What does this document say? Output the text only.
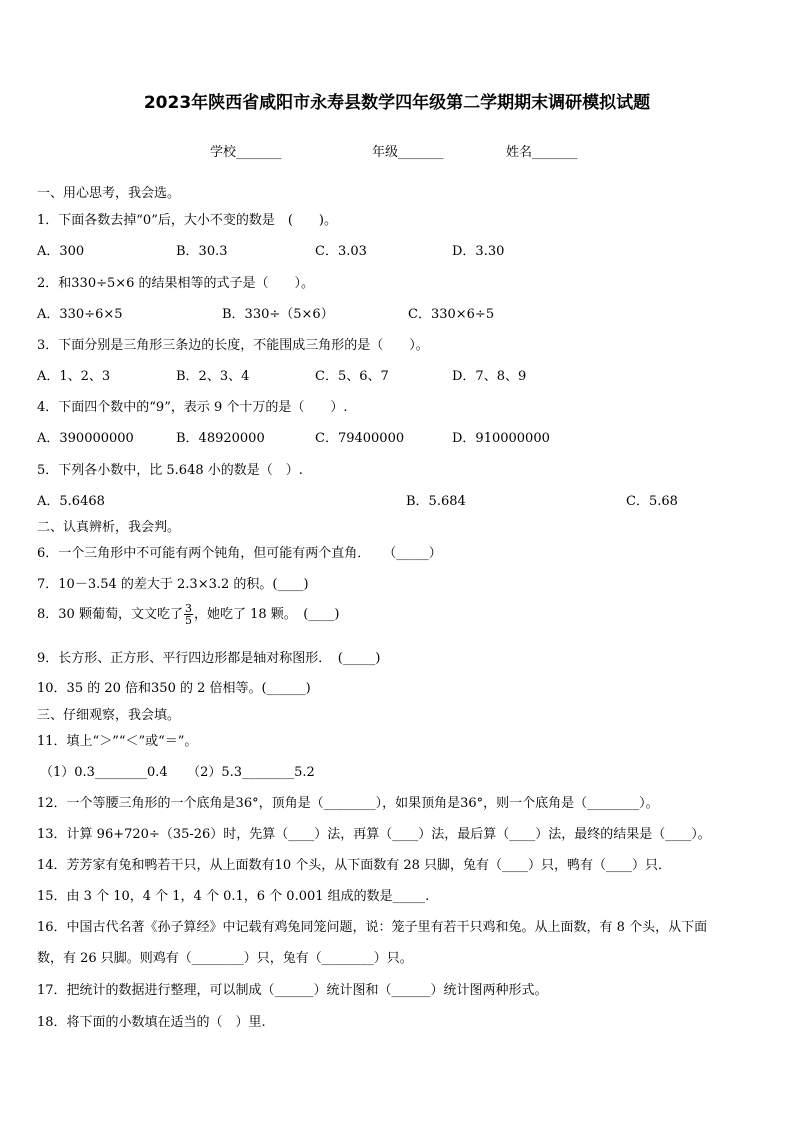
2023年陕西省咸阳市永寿县数学四年级第二学期期末调研模拟试题
学校_______	年级_______	姓名_______
一、用心思考，我会选。
1．下面各数去掉“0”后，大小不变的数是　(　　)。
A．300	B．30.3	C．3.03	D．3.30
2．和330÷5×6 的结果相等的式子是（　　）。
A．330÷6×5	B．330÷（5×6）	C．330×6÷5
3．下面分别是三角形三条边的长度，不能围成三角形的是（　　）。
A．1、2、3	B．2、3、4	C．5、6、7	D．7、8、9
4．下面四个数中的“9”，表示 9 个十万的是（　　）.
A．390000000	B．48920000	C．79400000	D．910000000
5．下列各小数中，比 5.648 小的数是（　）.
A．5.6468	B．5.684	C．5.68
二、认真辨析，我会判。
6．一个三角形中不可能有两个钝角，但可能有两个直角．　　（_____）
7．10－3.54 的差大于 2.3×3.2 的积。(____)
8．30 颗葡萄，文文吃了 $\frac{3}{5}$ ，她吃了 18 颗。　(____)
9．长方形、正方形、平行四边形都是轴对称图形．　(_____)
10．35 的 20 倍和350 的 2 倍相等。(______)
三、仔细观察，我会填。
11．填上“＞”“＜”或“＝”。
（1）0.3________0.4　　（2）5.3________5.2
12．一个等腰三角形的一个底角是36°，顶角是（________），如果顶角是36°，则一个底角是（________）。
13．计算 96+720÷（35-26）时，先算（____）法，再算（____）法，最后算（____）法，最终的结果是（____）。
14．芳芳家有兔和鸭若干只，从上面数有10 个头，从下面数有 28 只脚，兔有（____）只，鸭有（____）只．
15．由 3 个 10，4 个 1，4 个 0.1，6 个 0.001 组成的数是_____.
16．中国古代名著《孙子算经》中记载有鸡兔同笼问题，说：笼子里有若干只鸡和兔。从上面数，有 8 个头，从下面
数，有 26 只脚。则鸡有（________）只，兔有（________）只。
17．把统计的数据进行整理，可以制成（______）统计图和（______）统计图两种形式。
18．将下面的小数填在适当的（　）里.
